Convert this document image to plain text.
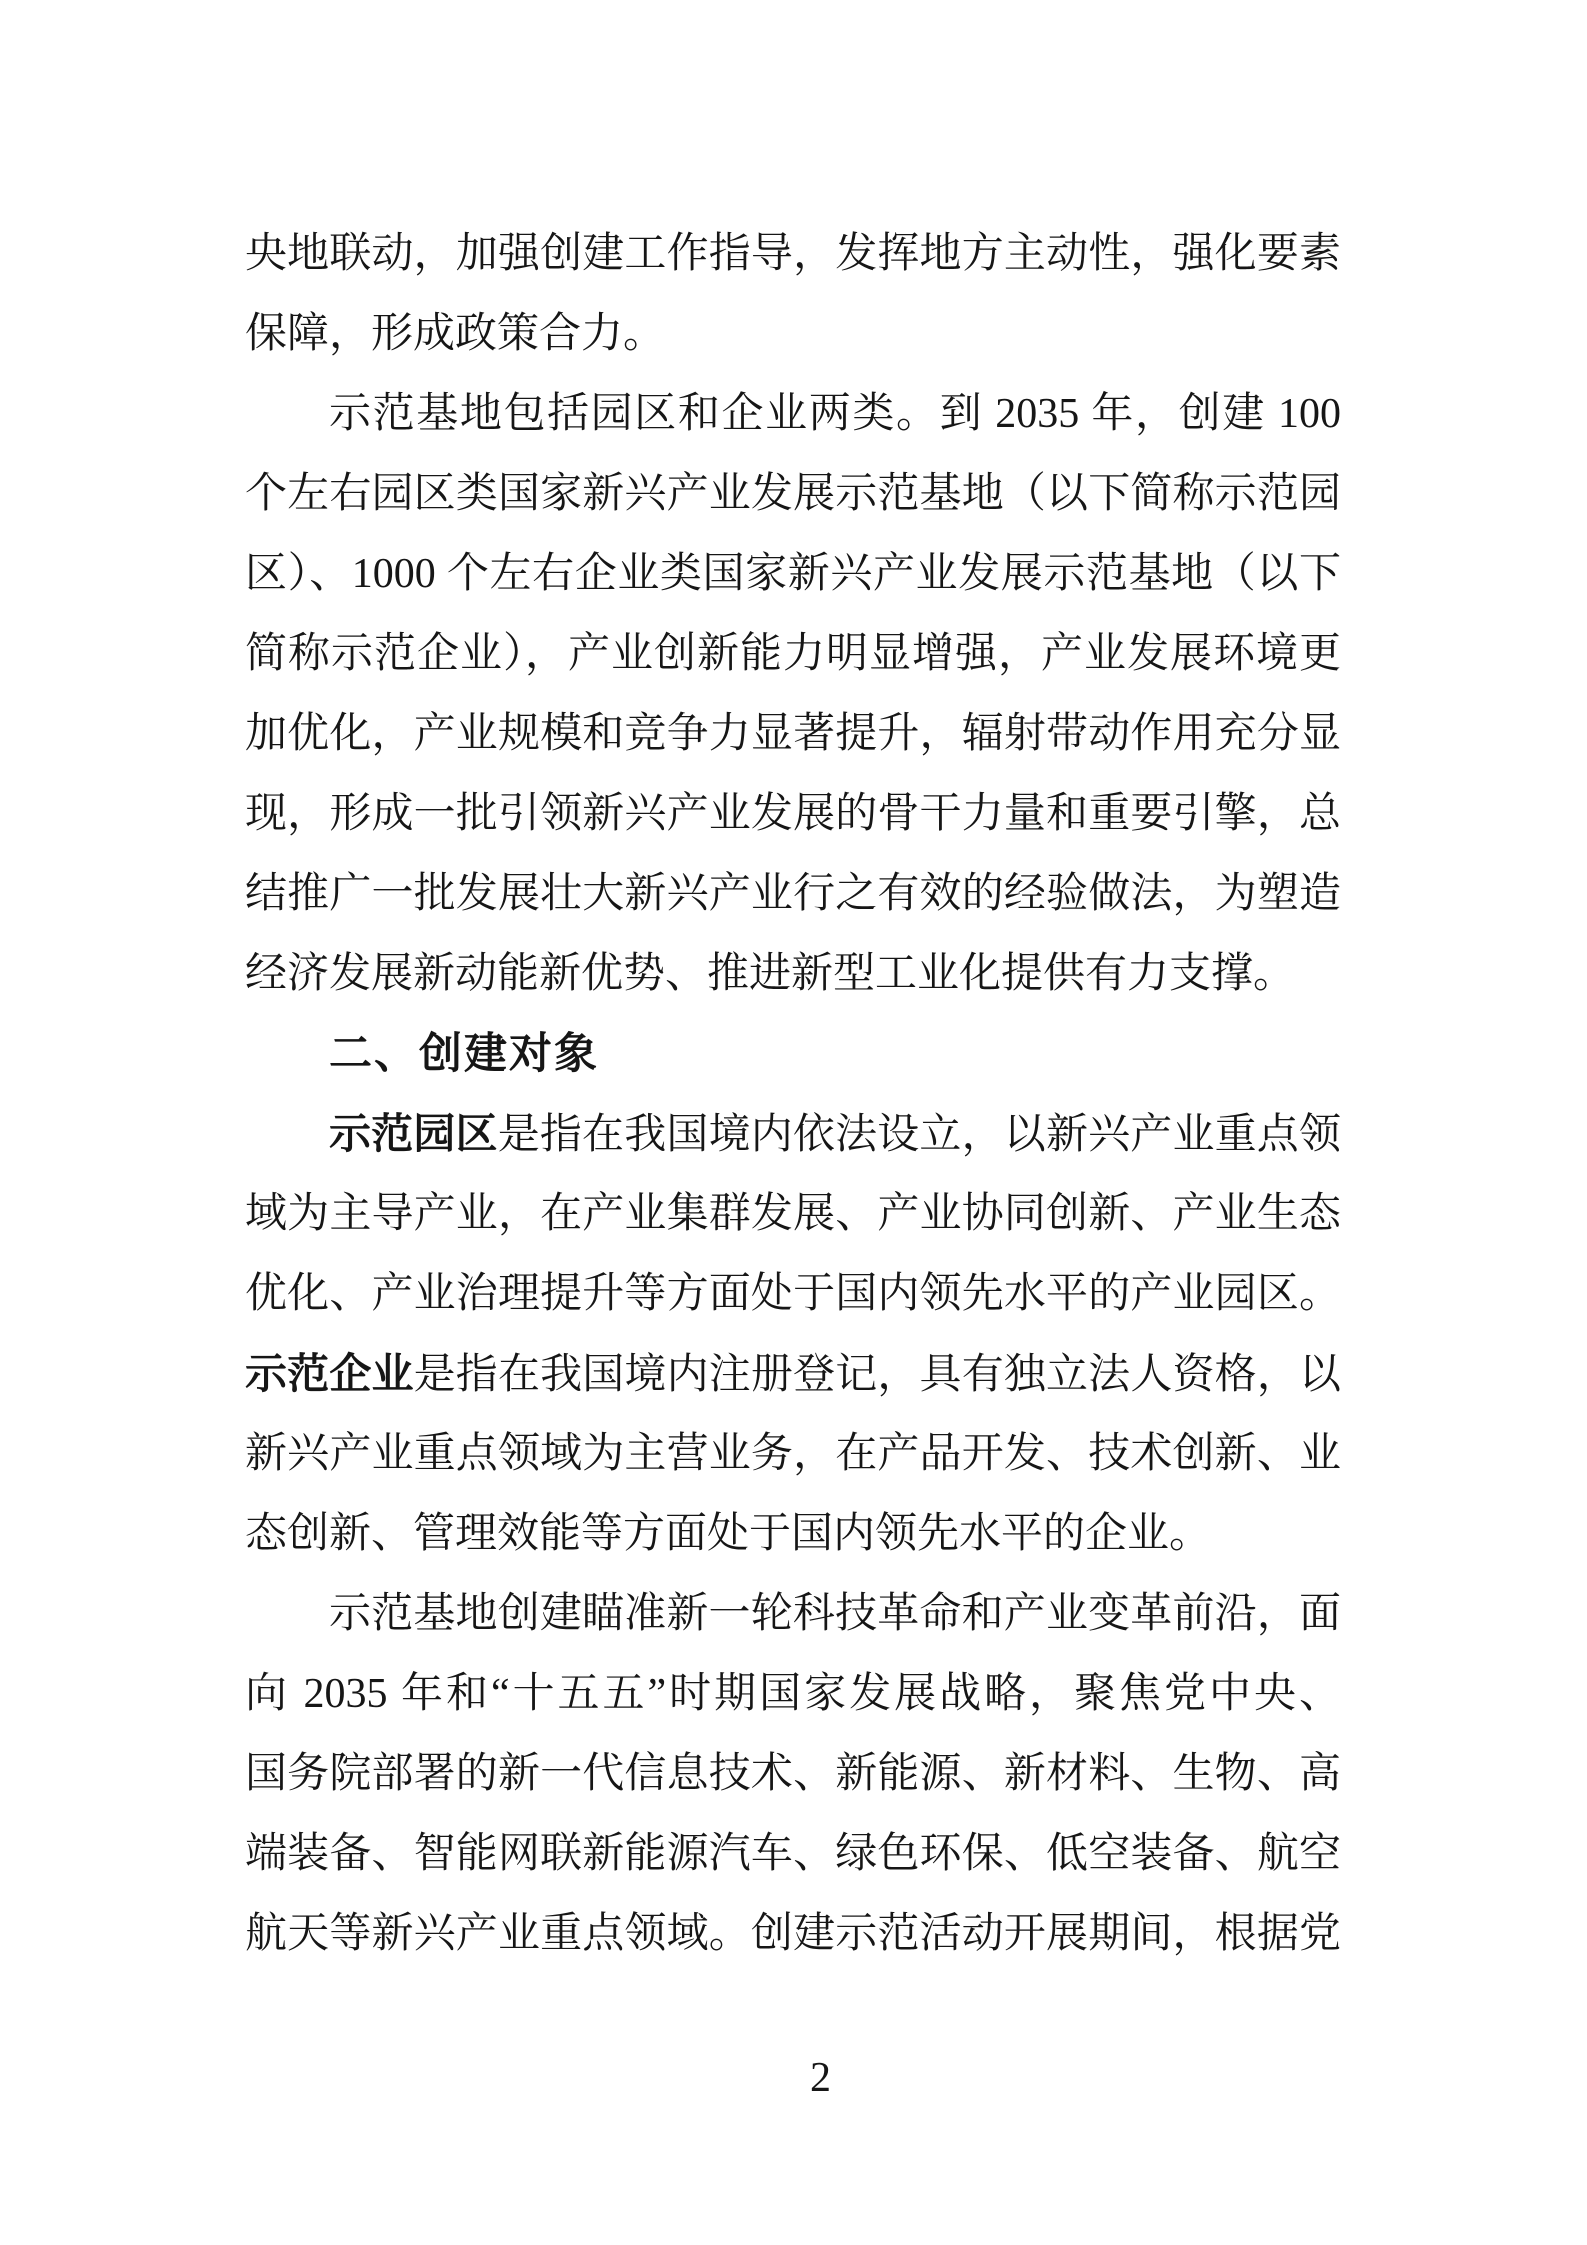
央地联动，加强创建工作指导，发挥地方主动性，强化要素
保障，形成政策合力。
示范基地包括园区和企业两类。到 2035 年，创建 100
个左右园区类国家新兴产业发展示范基地（以下简称示范园
区）、1000 个左右企业类国家新兴产业发展示范基地（以下
简称示范企业），产业创新能力明显增强，产业发展环境更
加优化，产业规模和竞争力显著提升，辐射带动作用充分显
现，形成一批引领新兴产业发展的骨干力量和重要引擎，总
结推广一批发展壮大新兴产业行之有效的经验做法，为塑造
经济发展新动能新优势、推进新型工业化提供有力支撑。
二、创建对象
示范园区是指在我国境内依法设立，以新兴产业重点领
域为主导产业，在产业集群发展、产业协同创新、产业生态
优化、产业治理提升等方面处于国内领先水平的产业园区。
示范企业是指在我国境内注册登记，具有独立法人资格，以
新兴产业重点领域为主营业务，在产品开发、技术创新、业
态创新、管理效能等方面处于国内领先水平的企业。
示范基地创建瞄准新一轮科技革命和产业变革前沿，面
向 2035 年和“十五五”时期国家发展战略，聚焦党中央、
国务院部署的新一代信息技术、新能源、新材料、生物、高
端装备、智能网联新能源汽车、绿色环保、低空装备、航空
航天等新兴产业重点领域。创建示范活动开展期间，根据党
2
